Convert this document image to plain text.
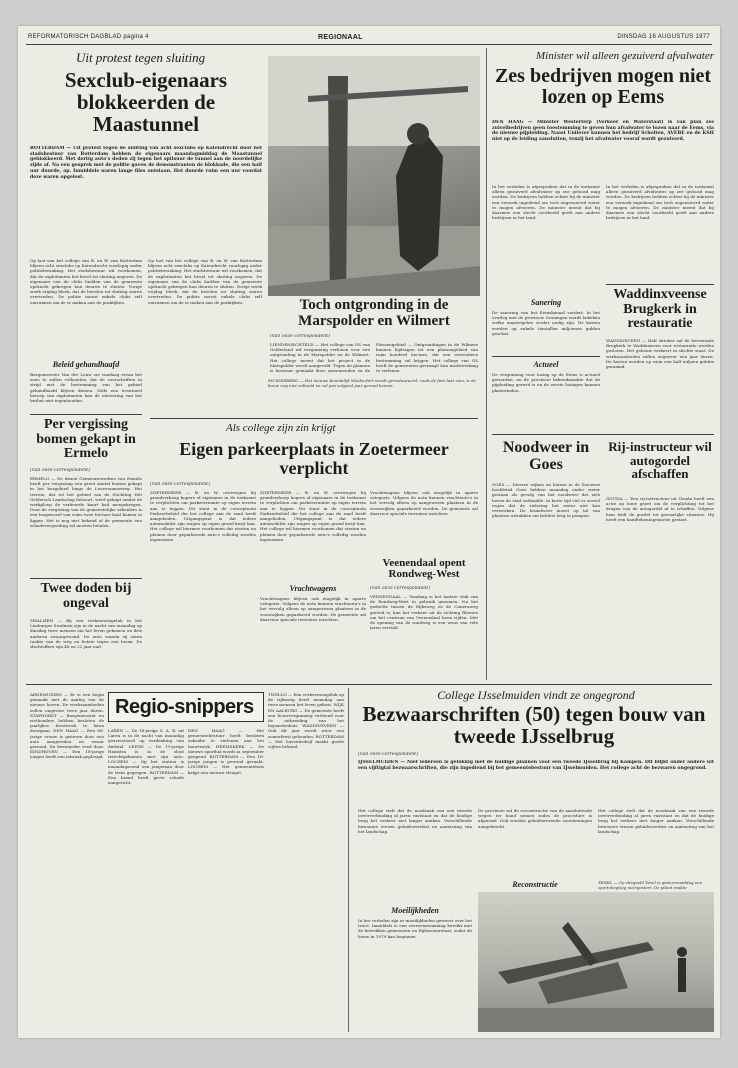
REFORMATORISCH DAGBLAD pagina 4	REGIONAAL	DINSDAG 16 AUGUSTUS 1977
Uit protest tegen sluiting
Sexclub-eigenaars blokkeerden de Maastunnel
ROTTERDAM — Uit protest tegen de sluiting van acht sexclubs op Katendrecht door het stadsbestuur van Rotterdam hebben de eigenaars maandagmiddag de Maastunnel geblokkeerd. Met dertig auto's deden zij tegen het spitsuur de tunnel aan de noordelijke zijde af. Na een gesprek met de politie gaven de demonstranten de blokkade, die een half uur duurde, op. Inmiddels waren lange files ontstaan. Het duurde ruim een uur voordat deze waren opgelost.
Op last van het college van B. en W. van Rotterdam blijven acht sexclubs op Katendrecht voorlopig onder politiebewaking. Het stadsbestuur wil voorkomen, dat de exploitanten het bevel tot sluiting negeren. De eigenaars van de clubs hadden van de gemeente opdracht gekregen hun deuren te sluiten. Vorige week vrijdag bleek, dat de bevelen tot sluiting waren overtreden. De politie moest enkele clubs zelf ontruimen om de te maken aan de praktijken.
Beleid gehandhaafd
Burgemeester Van der Louw zei vandaag ervan het eens te zullen volhouden, dat de voorschriften in strijd met de bestemming van het gebied gehandhaafd blijven dienen. Zelfs een eventueel beroep van exploitanten kan de uitvoering van het besluit niet tegenhouden.
Op last van het college van B. en W. van Rotterdam blijven acht sexclubs op Katendrecht voorlopig onder politiebewaking. Het stadsbestuur wil voorkomen, dat de exploitanten het bevel tot sluiting negeren. De eigenaars van de clubs hadden van de gemeente opdracht gekregen hun deuren te sluiten. Vorige week vrijdag bleek, dat de bevelen tot sluiting waren overtreden. De politie moest enkele clubs zelf ontruimen om de te maken aan de praktijken.
MUIDERBERG — Het nieuwe Koninklijk Weekerfort wordt gerestaureerd; zoals de foto laat zien, is de bouw nog niet voltooid en zal pas volgend jaar gereed komen.
Als college zijn zin krijgt
Eigen parkeerplaats in Zoetermeer verplicht
(Van onze correspondent)
ZOETERMEER — B. en W. overwegen bij grondverkoop kopers of eigenaars in de toekomst te verplichten om parkeerruimte op eigen terrein aan te leggen. Dit staat in de conceptnota Parkeerbeleid die het college aan de raad heeft aangeboden. Uitgangspunt is dat iedere automobilist zijn wagen op eigen grond kwijt kan. Het college wil hiermee voorkomen dat straten en pleinen door geparkeerde auto's volledig worden ingenomen.
ZOETERMEER — B. en W. overwegen bij grondverkoop kopers of eigenaars in de toekomst te verplichten om parkeerruimte op eigen terrein aan te leggen. Dit staat in de conceptnota Parkeerbeleid die het college aan de raad heeft aangeboden. Uitgangspunt is dat iedere automobilist zijn wagen op eigen grond kwijt kan. Het college wil hiermee voorkomen dat straten en pleinen door geparkeerde auto's volledig worden ingenomen.
Vrachtwagens
Vrachtwagens blijven ook mogelijk in aparte categorie. Volgens de nota kunnen vrachtauto's in het vervolg alleen op aangewezen plaatsen in de woonwijken geparkeerd worden. De gemeente zal daarvoor speciale terreinen inrichten.
Veenendaal opent Rondweg-West
(Van onze correspondent)
VEENENDAAL — Vandaag is het laatste stuk van de Rondweg-West in gebruik genomen. Nu het gedeelte tussen de Rijksweg en de Cuneraweg gereed is, kan het verkeer uit de richting Rhenen om het centrum van Veenendaal heen rijden. Met de opening van de rondweg is een wens van vele jaren vervuld.
Vrachtwagens blijven ook mogelijk in aparte categorie. Volgens de nota kunnen vrachtauto's in het vervolg alleen op aangewezen plaatsen in de woonwijken geparkeerd worden. De gemeente zal daarvoor speciale terreinen inrichten.
Per vergissing bomen gekapt in Ermelo
(Van onze correspondent)
ERMELO — De dienst Gemeentewerken van Ermelo heeft per vergissing een groot aantal bomen gekapt in het bosgebied langs de Leuvenumseweg. Het terrein, dat tot het gebied van de Stichting Het Geldersch Landschap behoort, werd gekapt omdat de werkploeg de verkeerde kaart had meegekregen. Door de vergissing van de gemeentelijke arbeiders is een bosperceel van ruim twee hectare kaal komen te liggen. Het is nog niet bekend of de gemeente een schadevergoeding zal moeten betalen.
Twee doden bij ongeval
SWALMEN — Bij een verkeersongeluk in het Limburgse Swalmen zijn in de nacht van maandag op dinsdag twee mensen om het leven gekomen en drie anderen zwaargewond. De auto waarin zij zaten raakte van de weg en botste tegen een boom. De slachtoffers zijn 48 en 22 jaar oud.
Minister wil alleen gezuiverd afvalwater
Zes bedrijven mogen niet lozen op Eems
DEN HAAG — Minister Westerterp (Verkeer en Waterstaat) is van plan zes zuivelbedrijven geen toestemming te geven hun afvalwater te lozen naar de Eems, via de nieuwe pijpleiding. Naast Unilever kunnen het bedrijf Scholten, AVEBE en de KSH niet op de leiding aansluiten, tenzij het afvalwater vooraf wordt gezuiverd.
In het verleden is afgesproken dat in de toekomst alleen gezuiverd afvalwater op zee geloosd mag worden. De bedrijven hebben echter bij de minister een verzoek ingediend om toch ongezuiverd water te mogen afvoeren. De minister meent dat hij daarmee een slecht voorbeeld geeft aan andere bedrijven in het land.
Sanering
De sanering van het Eemskanaal vordert. In het overleg met de provincie Groningen wordt bekeken welke maatregelen verder nodig zijn. De kosten worden op enkele tientallen miljoenen gulden geschat.
Actueel
De vergunning voor lozing op de Eems is actueel geworden, nu de provincie bekendmaakte dat de pijpleiding gereed is en de eerste lozingen kunnen plaatsvinden.
In het verleden is afgesproken dat in de toekomst alleen gezuiverd afvalwater op zee geloosd mag worden. De bedrijven hebben echter bij de minister een verzoek ingediend om toch ongezuiverd water te mogen afvoeren. De minister meent dat hij daarmee een slecht voorbeeld geeft aan andere bedrijven in het land.
Waddinxveense Brugkerk in restauratie
WADDINXVEEN — Half oktober zal de hervormde Brugkerk te Waddinxveen voor restauratie worden gesloten. Het gebouw verkeert in slechte staat. De werkzaamheden zullen ongeveer een jaar duren. De kosten worden op ruim een half miljoen gulden geraamd.
Noodweer in Goes
GOES — Diverse wijken en huizen in de Zeeuwse hoofdstad Goes hebben maandag onder water gestaan als gevolg van het noodweer dat zich boven de stad ontlaadde. In korte tijd viel er zoveel regen dat de riolering het water niet kon verwerken. De brandweer moest op tal van plaatsen uitrukken om kelders leeg te pompen.
Rij-instructeur wil autogordel afschaffen
GOUDA — Een rij-instructeur uit Gouda heeft een actie op touw gezet om de verplichting tot het dragen van de autogordel af te schaffen. Volgens hem leidt de gordel tot gevaarlijke situaties. Hij heeft een handtekeningenactie gestart.
Regio-snippers
ARNEMUIDEN — Er is een begin gemaakt met de aanleg van de nieuwe haven. De werkzaamheden zullen ongeveer twee jaar duren. STAPHORST — Burgemeester en wethouders hebben besloten de jaarlijkse feestweek te laten doorgaan. DEN HAAG — Een 68-jarige vrouw is gisteren door een auto aangereden en zwaar gewond. De bestuurder reed door. EINDHOVEN — Een 18-jarige jongen heeft een inbraak gepleegd.
LAREN — De 18-jarige S. A. B. uit Laren is in de nacht van maandag gearresteerd op verdenking van diefstal. LEENS — De 19-jarige Hamstra is in de sloot terechtgekomen met zijn auto. LOCHEM — Op het station is maandagavond een jongeman door de trein gegrepen. ROTTERDAM — Een brand heeft grote schade aangericht.
DEN HAAG — Het gemeentebestuur heeft besloten subsidie te verlenen aan het buurtwerk. HEEMSKERK — De nieuwe sporthal wordt in september geopend. ROTTERDAM — Een 16-jarige jongen is gewond geraakt. LOCHEM — Het gemeentehuis krijgt een nieuwe vleugel.
TWELLO — Een verkeersongeluk op de rijksweg heeft maandag aan twee mensen het leven gekost. WIJK EN AALBURG — De gemeente heeft een bouwvergunning verleend voor de uitbreiding van het bejaardenhuis. WADDINXVEEN — Ook dit jaar wordt weer een zomerfeest gehouden. ROTTERDAM — Het havenbedrijf maakt goede cijfers bekend.
College IJsselmuiden vindt ze ongegrond
Bezwaarschriften (50) tegen bouw van tweede IJsselbrug
(Van onze correspondent)
IJSSELMUIDEN — Niet iedereen is gelukkig met de huidige plannen voor een tweede IJsselbrug bij Kampen. Dit blijkt onder andere uit een vijftigtal bezwaarschriften, die zijn ingediend bij het gemeentebestuur van IJsselmuiden. Het college acht de bezwaren ongegrond.
Het college stelt dat de noodzaak van een tweede oeververbinding al jaren vaststaat en dat de huidige brug het verkeer niet langer aankan. Verschillende bewoners vrezen geluidsoverlast en aantasting van het landschap.
De provincie zal de reconstructie van de aansluitende wegen ter hand nemen zodra de procedure is afgerond. Ook worden geluidswerende voorzieningen aangebracht.
Reconstructie
Moeilijkheden
In het verleden zijn er moeilijkheden geweest over het tracé. Inmiddels is een overeenstemming bereikt met de betrokken gemeenten en Rijkswaterstaat, zodat de bouw in 1979 kan beginnen.
Het college stelt dat de noodzaak van een tweede oeververbinding al jaren vaststaat en dat de huidige brug het verkeer niet langer aankan. Verschillende bewoners vrezen geluidsoverlast en aantasting van het landschap.
Toch ontgronding in de Marspolder en Wilmert
(Van onze correspondent)
LIENDEN/ECHTELD — Het college van GS van Gelderland wil vergunning verlenen voor een ontgronding in de Marspolder en de Wilmert. Het college meent dat het project in de Marspolder wordt aangevuld. Tegen de plannen is bezwaar gemaakt door omwonenden en de
Plassengebied — Ontgrondingen in de Wilmert kunnen bijdragen tot een plassengebied van ruim honderd hectare, dat een recreatieve bestemming zal krijgen. Het college van GS heeft de gemeenten gevraagd hun medewerking te verlenen.
TEXEL — Op vliegveld Texel is gisterenmiddag een sportvliegtuig neergestort. De piloot raakte
